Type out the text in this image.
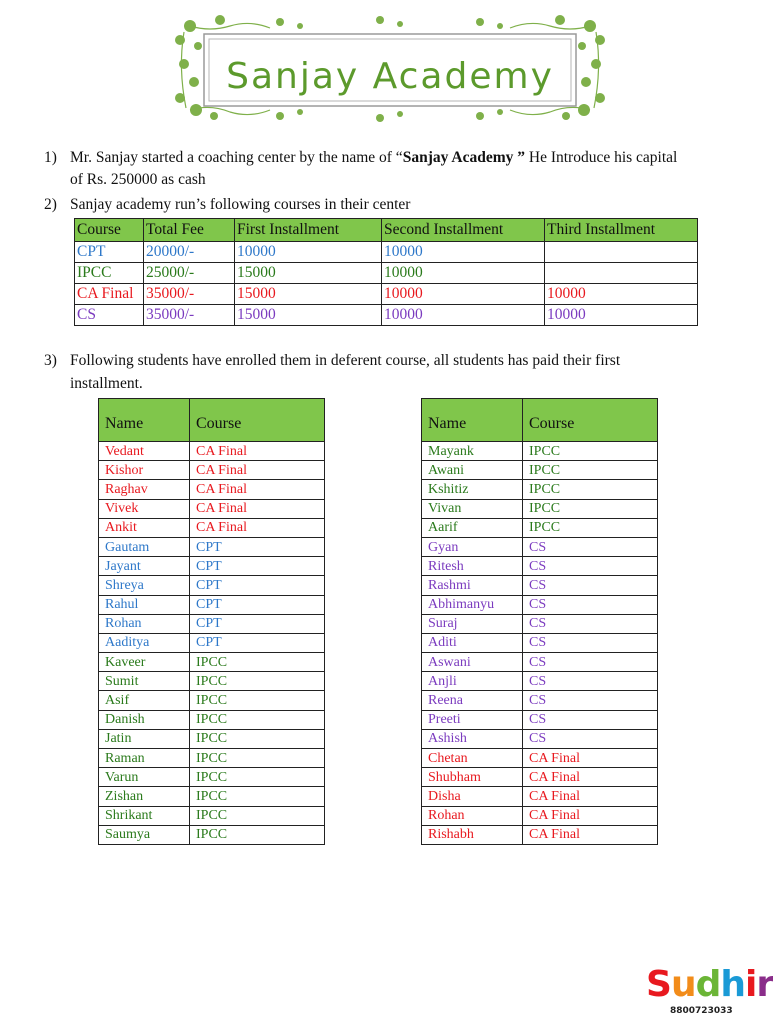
Sanjay Academy
1) Mr. Sanjay started a coaching center by the name of “Sanjay Academy ” He Introduce his capital
of Rs. 250000 as cash
2) Sanjay academy run’s following courses in their center
Course	Total Fee	First Installment	Second Installment	Third Installment
CPT	20000/-	10000	10000	
IPCC	25000/-	15000	10000	
CA Final	35000/-	15000	10000	10000
CS	35000/-	15000	10000	10000
3) Following students have enrolled them in deferent course, all students has paid their first
installment.
Name	Course
Vedant	CA Final
Kishor	CA Final
Raghav	CA Final
Vivek	CA Final
Ankit	CA Final
Gautam	CPT
Jayant	CPT
Shreya	CPT
Rahul	CPT
Rohan	CPT
Aaditya	CPT
Kaveer	IPCC
Sumit	IPCC
Asif	IPCC
Danish	IPCC
Jatin	IPCC
Raman	IPCC
Varun	IPCC
Zishan	IPCC
Shrikant	IPCC
Saumya	IPCC
Name	Course
Mayank	IPCC
Awani	IPCC
Kshitiz	IPCC
Vivan	IPCC
Aarif	IPCC
Gyan	CS
Ritesh	CS
Rashmi	CS
Abhimanyu	CS
Suraj	CS
Aditi	CS
Aswani	CS
Anjli	CS
Reena	CS
Preeti	CS
Ashish	CS
Chetan	CA Final
Shubham	CA Final
Disha	CA Final
Rohan	CA Final
Rishabh	CA Final
Sudhir
8800723033
